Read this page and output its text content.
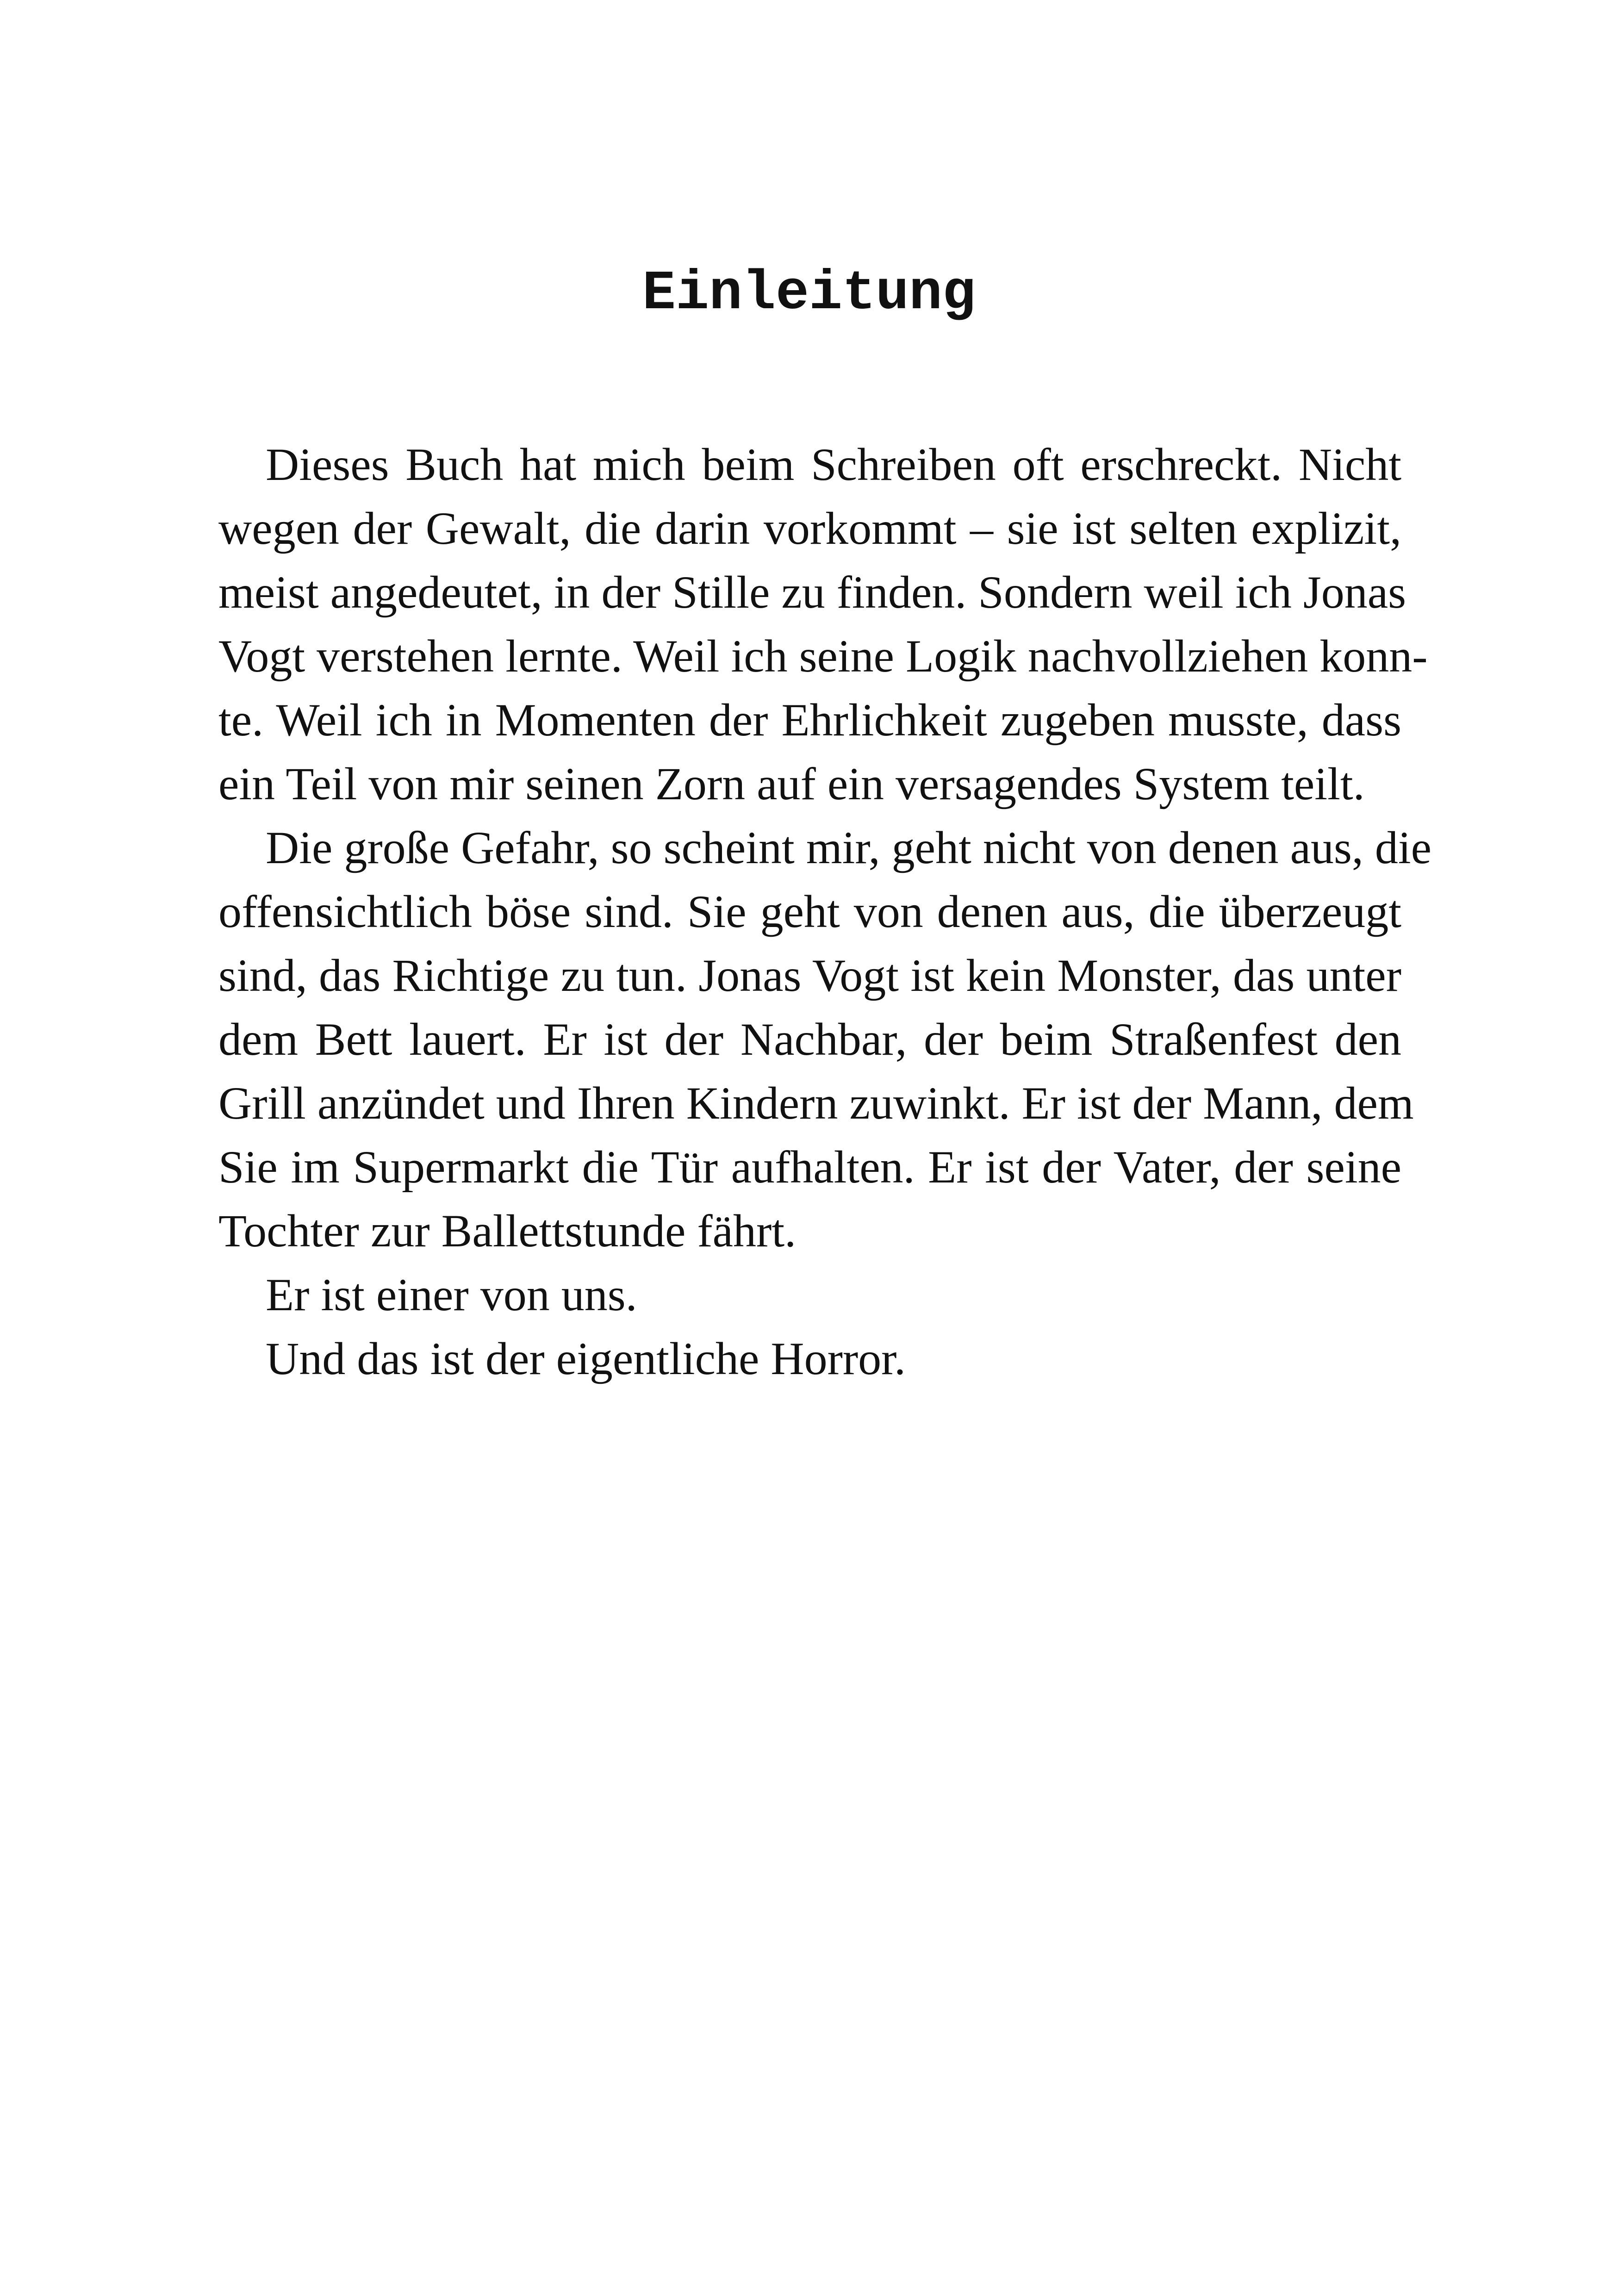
Einleitung
Dieses Buch hat mich beim Schreiben oft erschreckt. Nicht
wegen der Gewalt, die darin vorkommt – sie ist selten explizit,
meist angedeutet, in der Stille zu finden. Sondern weil ich Jonas
Vogt verstehen lernte. Weil ich seine Logik nachvollziehen konn-
te. Weil ich in Momenten der Ehrlichkeit zugeben musste, dass
ein Teil von mir seinen Zorn auf ein versagendes System teilt.
Die große Gefahr, so scheint mir, geht nicht von denen aus, die
offensichtlich böse sind. Sie geht von denen aus, die überzeugt
sind, das Richtige zu tun. Jonas Vogt ist kein Monster, das unter
dem Bett lauert. Er ist der Nachbar, der beim Straßenfest den
Grill anzündet und Ihren Kindern zuwinkt. Er ist der Mann, dem
Sie im Supermarkt die Tür aufhalten. Er ist der Vater, der seine
Tochter zur Ballettstunde fährt.
Er ist einer von uns.
Und das ist der eigentliche Horror.
